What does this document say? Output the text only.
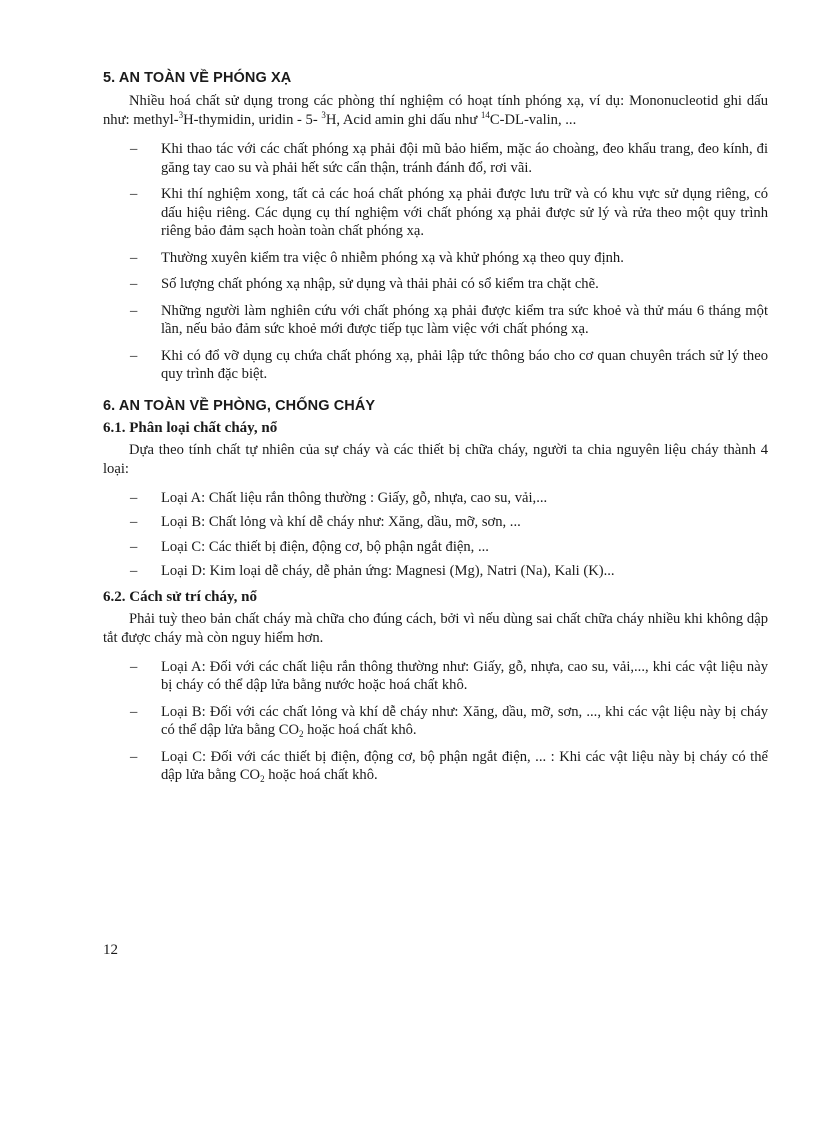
5. AN TOÀN VỀ PHÓNG XẠ

Nhiều hoá chất sử dụng trong các phòng thí nghiệm có hoạt tính phóng xạ, ví dụ: Mononucleotid ghi dấu như: methyl-$^3$H-thymidin, uridin - 5- $^3$H, Acid amin ghi dấu như $^{14}$C-DL-valin, ...

– Khi thao tác với các chất phóng xạ phải đội mũ bảo hiểm, mặc áo choàng, đeo khẩu trang, đeo kính, đi găng tay cao su và phải hết sức cẩn thận, tránh đánh đổ, rơi vãi.
– Khi thí nghiệm xong, tất cả các hoá chất phóng xạ phải được lưu trữ và có khu vực sử dụng riêng, có dấu hiệu riêng. Các dụng cụ thí nghiệm với chất phóng xạ phải được sử lý và rửa theo một quy trình riêng bảo đảm sạch hoàn toàn chất phóng xạ.
– Thường xuyên kiểm tra việc ô nhiễm phóng xạ và khử phóng xạ theo quy định.
– Số lượng chất phóng xạ nhập, sử dụng và thải phải có sổ kiểm tra chặt chẽ.
– Những người làm nghiên cứu với chất phóng xạ phải được kiểm tra sức khoẻ và thử máu 6 tháng một lần, nếu bảo đảm sức khoẻ mới được tiếp tục làm việc với chất phóng xạ.
– Khi có đổ vỡ dụng cụ chứa chất phóng xạ, phải lập tức thông báo cho cơ quan chuyên trách sử lý theo quy trình đặc biệt.
6. AN TOÀN VỀ PHÒNG, CHỐNG CHÁY
6.1. Phân loại chất cháy, nổ

Dựa theo tính chất tự nhiên của sự cháy và các thiết bị chữa cháy, người ta chia nguyên liệu cháy thành 4 loại:

– Loại A: Chất liệu rắn thông thường : Giấy, gỗ, nhựa, cao su, vải,...
– Loại B: Chất lỏng và khí dễ cháy như: Xăng, dầu, mỡ, sơn, ...
– Loại C: Các thiết bị điện, động cơ, bộ phận ngắt điện, ...
– Loại D: Kim loại dễ cháy, dễ phản ứng: Magnesi (Mg), Natri (Na), Kali (K)...
6.2. Cách sử trí cháy, nổ

Phải tuỳ theo bản chất cháy mà chữa cho đúng cách, bởi vì nếu dùng sai chất chữa cháy nhiều khi không dập tắt được cháy mà còn nguy hiểm hơn.

– Loại A: Đối với các chất liệu rắn thông thường như: Giấy, gỗ, nhựa, cao su, vải,..., khi các vật liệu này bị cháy có thể dập lửa bằng nước hoặc hoá chất khô.
– Loại B: Đối với các chất lỏng và khí dễ cháy như: Xăng, dầu, mỡ, sơn, ..., khi các vật liệu này bị cháy có thể dập lửa bằng $CO_2$ hoặc hoá chất khô.
– Loại C: Đối với các thiết bị điện, động cơ, bộ phận ngắt điện, ... : Khi các vật liệu này bị cháy có thể dập lửa bằng $CO_2$ hoặc hoá chất khô.
12
